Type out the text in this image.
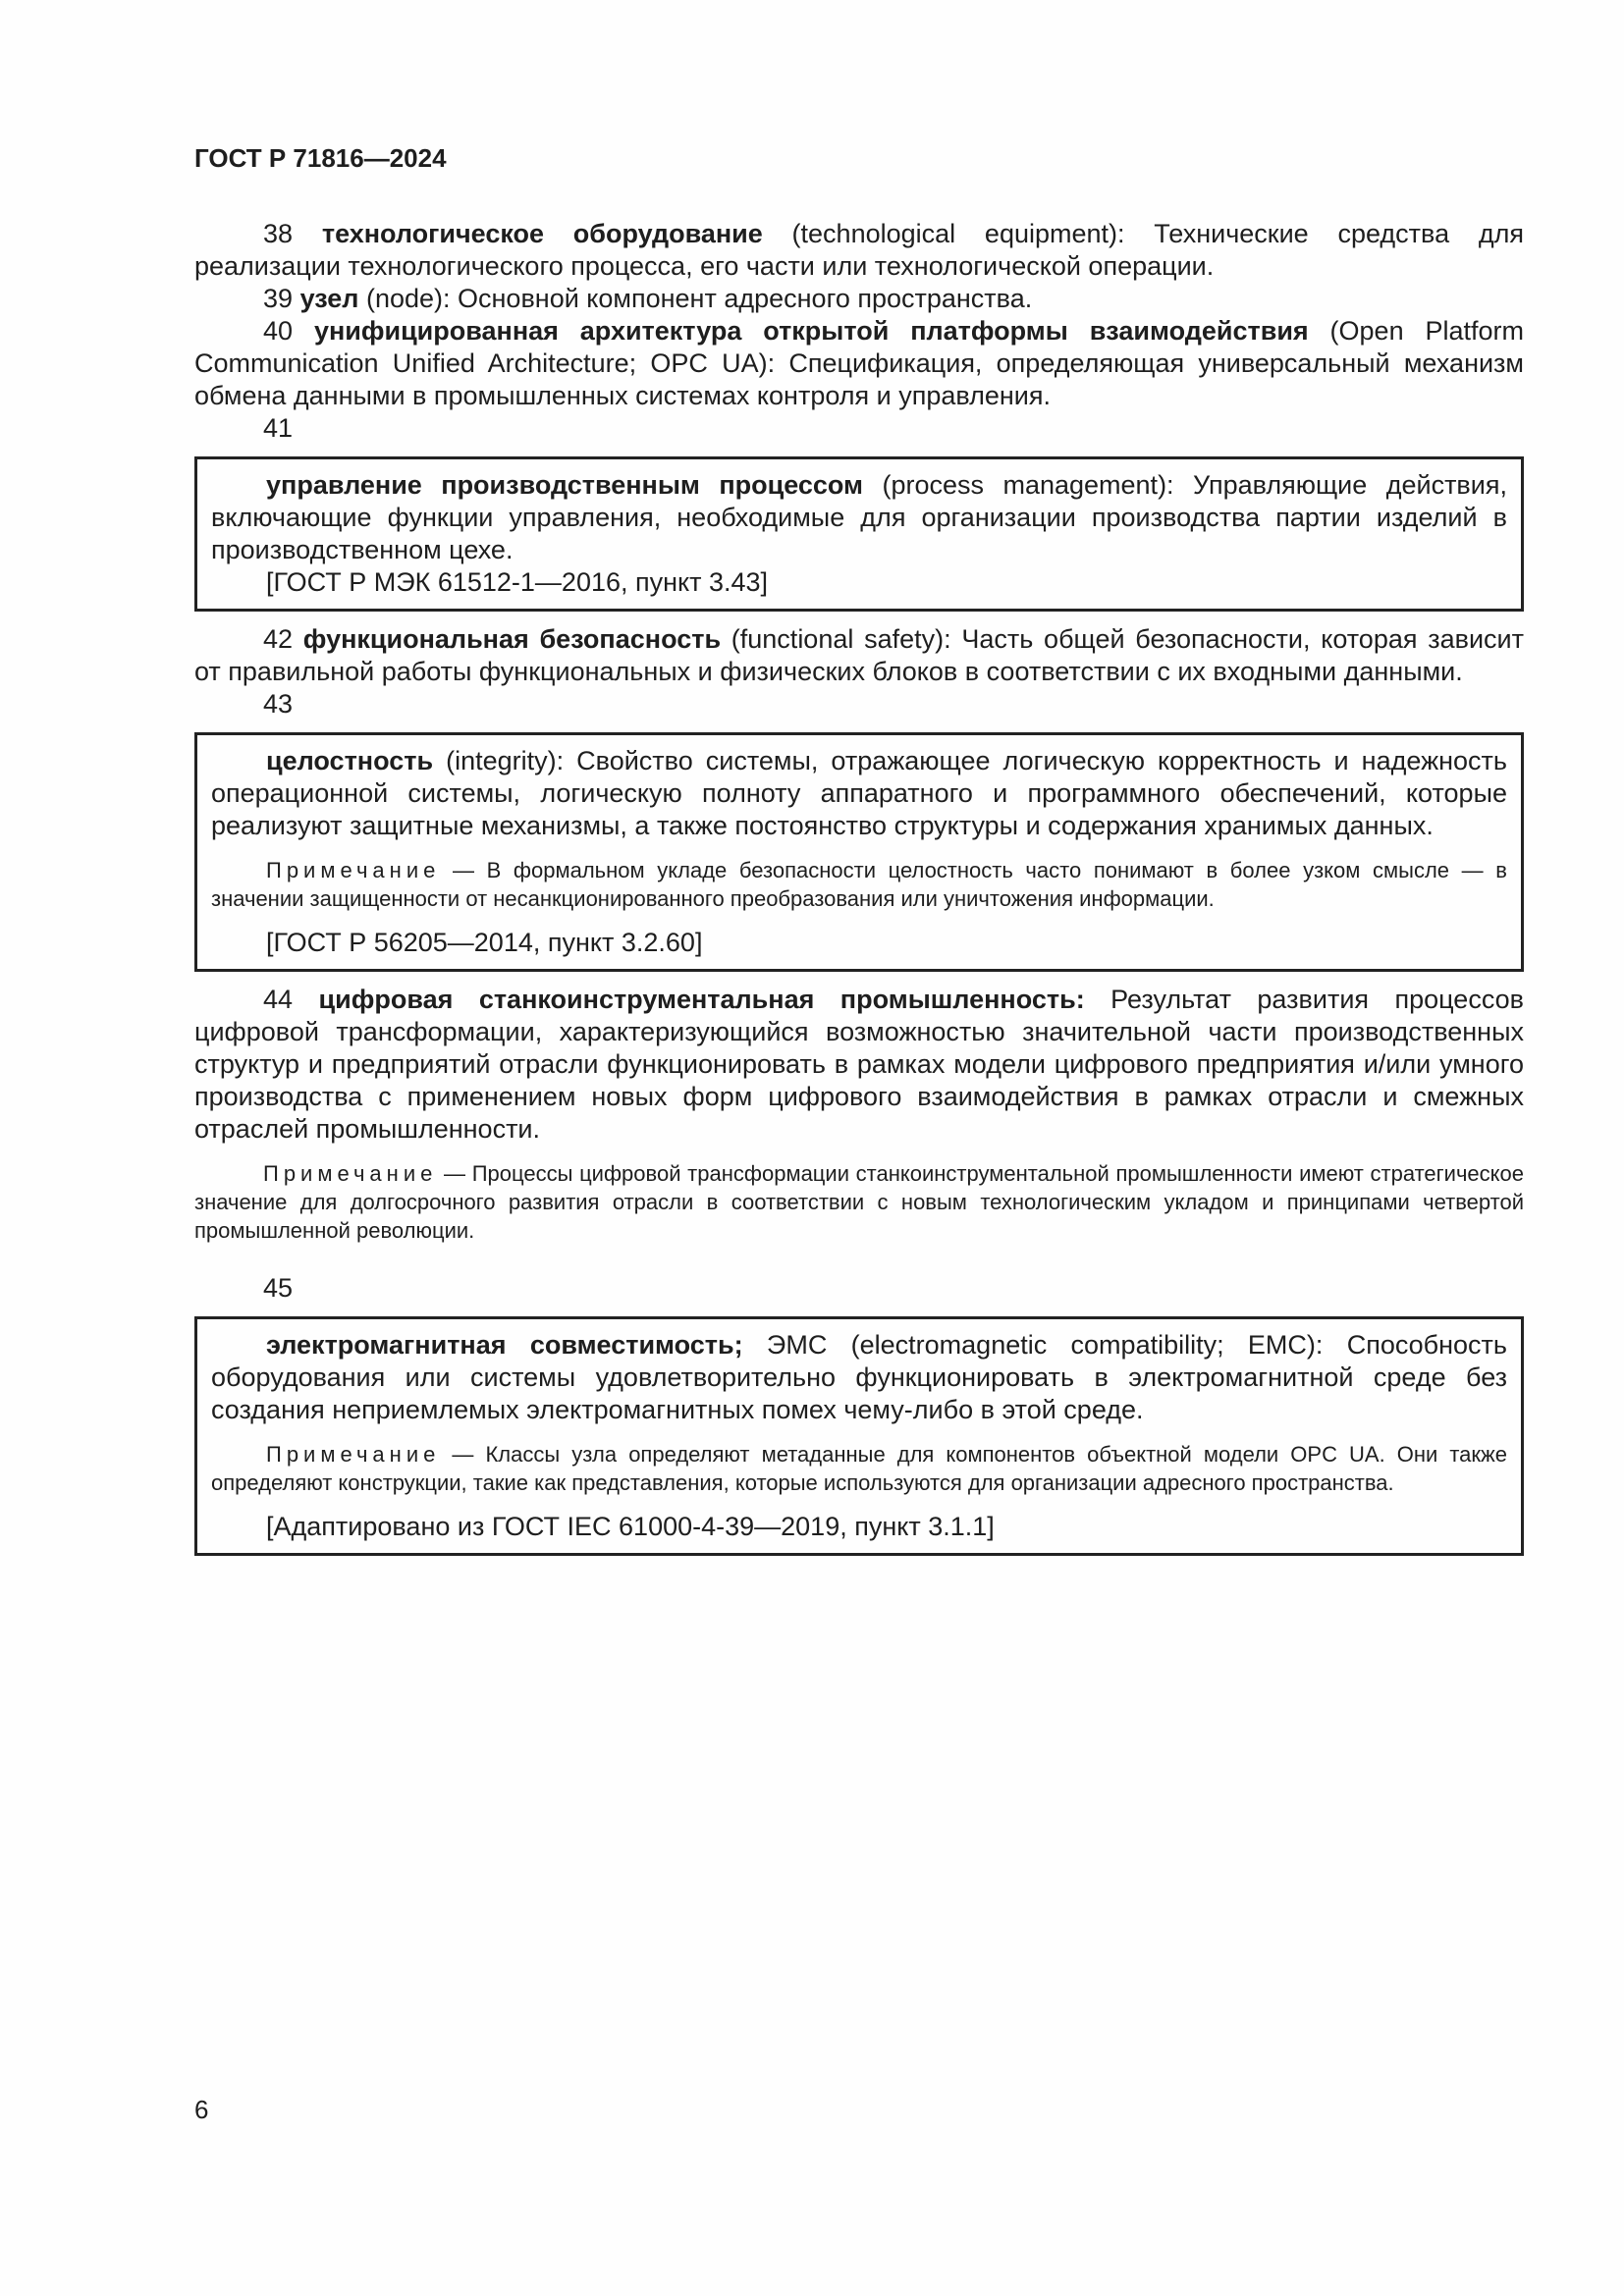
ГОСТ Р 71816—2024

38 технологическое оборудование (technological equipment): Технические средства для реализации технологического процесса, его части или технологической операции.

39 узел (node): Основной компонент адресного пространства.

40 унифицированная архитектура открытой платформы взаимодействия (Open Platform Communication Unified Architecture; OPC UA): Спецификация, определяющая универсальный механизм обмена данными в промышленных системах контроля и управления.

41

управление производственным процессом (process management): Управляющие действия, включающие функции управления, необходимые для организации производства партии изделий в производственном цехе.

[ГОСТ Р МЭК 61512-1—2016, пункт 3.43]

42 функциональная безопасность (functional safety): Часть общей безопасности, которая зависит от правильной работы функциональных и физических блоков в соответствии с их входными данными.

43

целостность (integrity): Свойство системы, отражающее логическую корректность и надежность операционной системы, логическую полноту аппаратного и программного обеспечений, которые реализуют защитные механизмы, а также постоянство структуры и содержания хранимых данных.

Примечание — В формальном укладе безопасности целостность часто понимают в более узком смысле — в значении защищенности от несанкционированного преобразования или уничтожения информации.

[ГОСТ Р 56205—2014, пункт 3.2.60]

44 цифровая станкоинструментальная промышленность: Результат развития процессов цифровой трансформации, характеризующийся возможностью значительной части производственных структур и предприятий отрасли функционировать в рамках модели цифрового предприятия и/или умного производства с применением новых форм цифрового взаимодействия в рамках отрасли и смежных отраслей промышленности.

Примечание — Процессы цифровой трансформации станкоинструментальной промышленности имеют стратегическое значение для долгосрочного развития отрасли в соответствии с новым технологическим укладом и принципами четвертой промышленной революции.

45

электромагнитная совместимость; ЭМС (electromagnetic compatibility; EMC): Способность оборудования или системы удовлетворительно функционировать в электромагнитной среде без создания неприемлемых электромагнитных помех чему-либо в этой среде.

Примечание — Классы узла определяют метаданные для компонентов объектной модели OPC UA. Они также определяют конструкции, такие как представления, которые используются для организации адресного пространства.

[Адаптировано из ГОСТ IEC 61000-4-39—2019, пункт 3.1.1]

6
